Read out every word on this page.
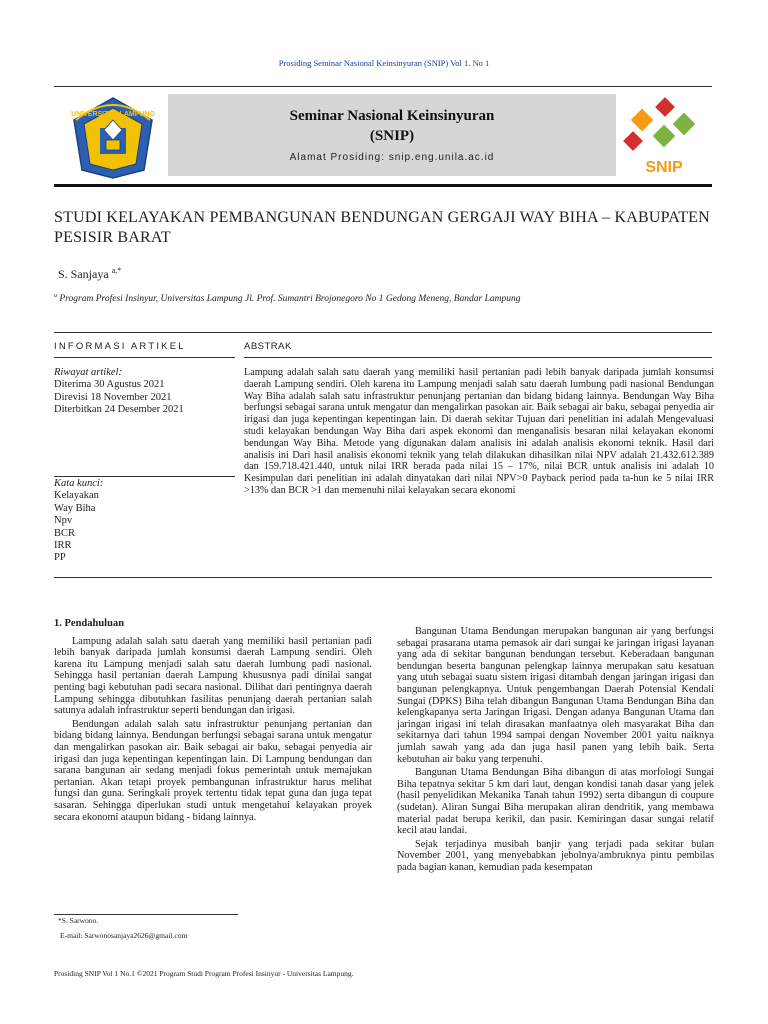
Prosiding Seminar Nasional Keinsinyuran (SNIP) Vol 1. No 1
UNIVERSITAS LAMPUNG	Seminar Nasional Keinsinyuran
(SNIP)
Alamat Prosiding: snip.eng.unila.ac.id
SNIP
STUDI KELAYAKAN PEMBANGUNAN BENDUNGAN GERGAJI WAY BIHA – KABUPATEN PESISIR BARAT
S. Sanjaya $^{a,*}$
$^a$ Program Profesi Insinyur, Universitas Lampung Jl. Prof. Sumantri Brojonegoro No 1 Gedong Meneng, Bandar Lampung
INFORMASI ARTIKEL	ABSTRAK
Riwayat artikel:
Diterima 30 Agustus 2021
Direvisi 18 November 2021
Diterbitkan 24 Desember 2021
Kata kunci:
Kelayakan
Way Biha
Npv
BCR
IRR
PP
Lampung adalah salah satu daerah yang memiliki hasil pertanian padi lebih banyak daripada jumlah konsumsi daerah Lampung sendiri. Oleh karena itu Lampung menjadi salah satu daerah lumbung padi nasional Bendungan Way Biha adalah salah satu infrastruktur penunjang pertanian dan bidang bidang lainnya. Bendungan Way Biha berfungsi sebagai sarana untuk mengatur dan mengalirkan pasokan air. Baik sebagai air baku, sebagai penyedia air irigasi dan juga kepentingan kepentingan lain. Di daerah sekitar Tujuan dari penelitian ini adalah Mengevaluasi studi kelayakan bendungan Way Biha dari aspek ekonomi dan menganalisis besaran nilai kelayakan ekonomi bendungan Way Biha. Metode yang digunakan dalam analisis ini adalah analisis ekonomi teknik. Hasil dari analisis ini Dari hasil analisis ekonomi teknik yang telah dilakukan dihasilkan nilai NPV adalah 21.432.612.389 dan 159.718.421.440, untuk nilai IRR berada pada nilai 15 – 17%, nilai BCR untuk analisis ini adalah 10 Kesimpulan dari penelitian ini adalah dinyatakan dari nilai NPV>0 Payback period pada ta-hun ke 5 nilai IRR >13% dan BCR >1 dan memenuhi nilai kelayakan secara ekonomi
1. Pendahuluan

Lampung adalah salah satu daerah yang memiliki hasil pertanian padi lebih banyak daripada jumlah konsumsi daerah Lampung sendiri. Oleh karena itu Lampung menjadi salah satu daerah lumbung padi nasional. Sehingga hasil pertanian daerah Lampung khususnya padi dinilai sangat penting bagi kebutuhan padi secara nasional. Dilihat dari pentingnya daerah Lampung sehingga dibutuhkan fasilitas penunjang daerah pertanian salah satunya adalah infrastruktur seperti bendungan dan irigasi.

Bendungan adalah salah satu infrastruktur penunjang pertanian dan bidang bidang lainnya. Bendungan berfungsi sebagai sarana untuk mengatur dan mengalirkan pasokan air. Baik sebagai air baku, sebagai penyedia air irigasi dan juga kepentingan kepentingan lain. Di Lampung bendungan dan sarana bangunan air sedang menjadi fokus pemerintah untuk memajukan pertanian. Akan tetapi proyek pembangunan infrastruktur harus melihat fungsi dan guna. Seringkali proyek tertentu tidak tepat guna dan juga tepat sasaran. Sehingga diperlukan studi untuk mengetahui kelayakan proyek secara ekonomi ataupun bidang - bidang lainnya.

Bangunan Utama Bendungan merupakan bangunan air yang berfungsi sebagai prasarana utama pemasok air dari sungai ke jaringan irigasi layanan yang ada di sekitar bangunan bendungan tersebut. Keberadaan bangunan bendungan beserta bangunan pelengkap lainnya merupakan satu kesatuan yang utuh sebagai suatu sistem irigasi ditambah dengan jaringan irigasi dan bangunan pelengkapnya. Untuk pengembangan Daerah Potensial Kendali Sungai (DPKS) Biha telah dibangun Bangunan Utama Bendungan Biha dan kelengkapanya serta Jaringan Irigasi. Dengan adanya Bangunan Utama dan jaringan irigasi ini telah dirasakan manfaatnya oleh masyarakat Biha dan sekitarnya dari tahun 1994 sampai dengan November 2001 yaitu naiknya jumlah sawah yang ada dan juga hasil panen yang lebih baik. Serta kebutuhan air baku yang terpenuhi.

Bangunan Utama Bendungan Biha dibangun di atas morfologi Sungai Biha tepatnya sekitar 5 km dari laut, dengan kondisi tanah dasar yang jelek (hasil penyelidikan Mekanika Tanah tahun 1992) serta dibangun di coupure (sudetan). Aliran Sungai Biha merupakan aliran dendritik, yang membawa material padat berupa kerikil, dan pasir. Kemiringan dasar sungai relatif kecil atau landai.

Sejak terjadinya musibah banjir yang terjadi pada sekitar bulan November 2001, yang menyebabkan jebolnya/ambruknya pintu pembilas pada bagian kanan, kemudian pada kesempatan

*S. Sarwono.
E-mail: Sarwonosanjaya2626@gmail.com
Prosiding SNIP Vol 1 No.1 ©2021 Program Studi Program Profesi Insinyur - Universitas Lampung.
